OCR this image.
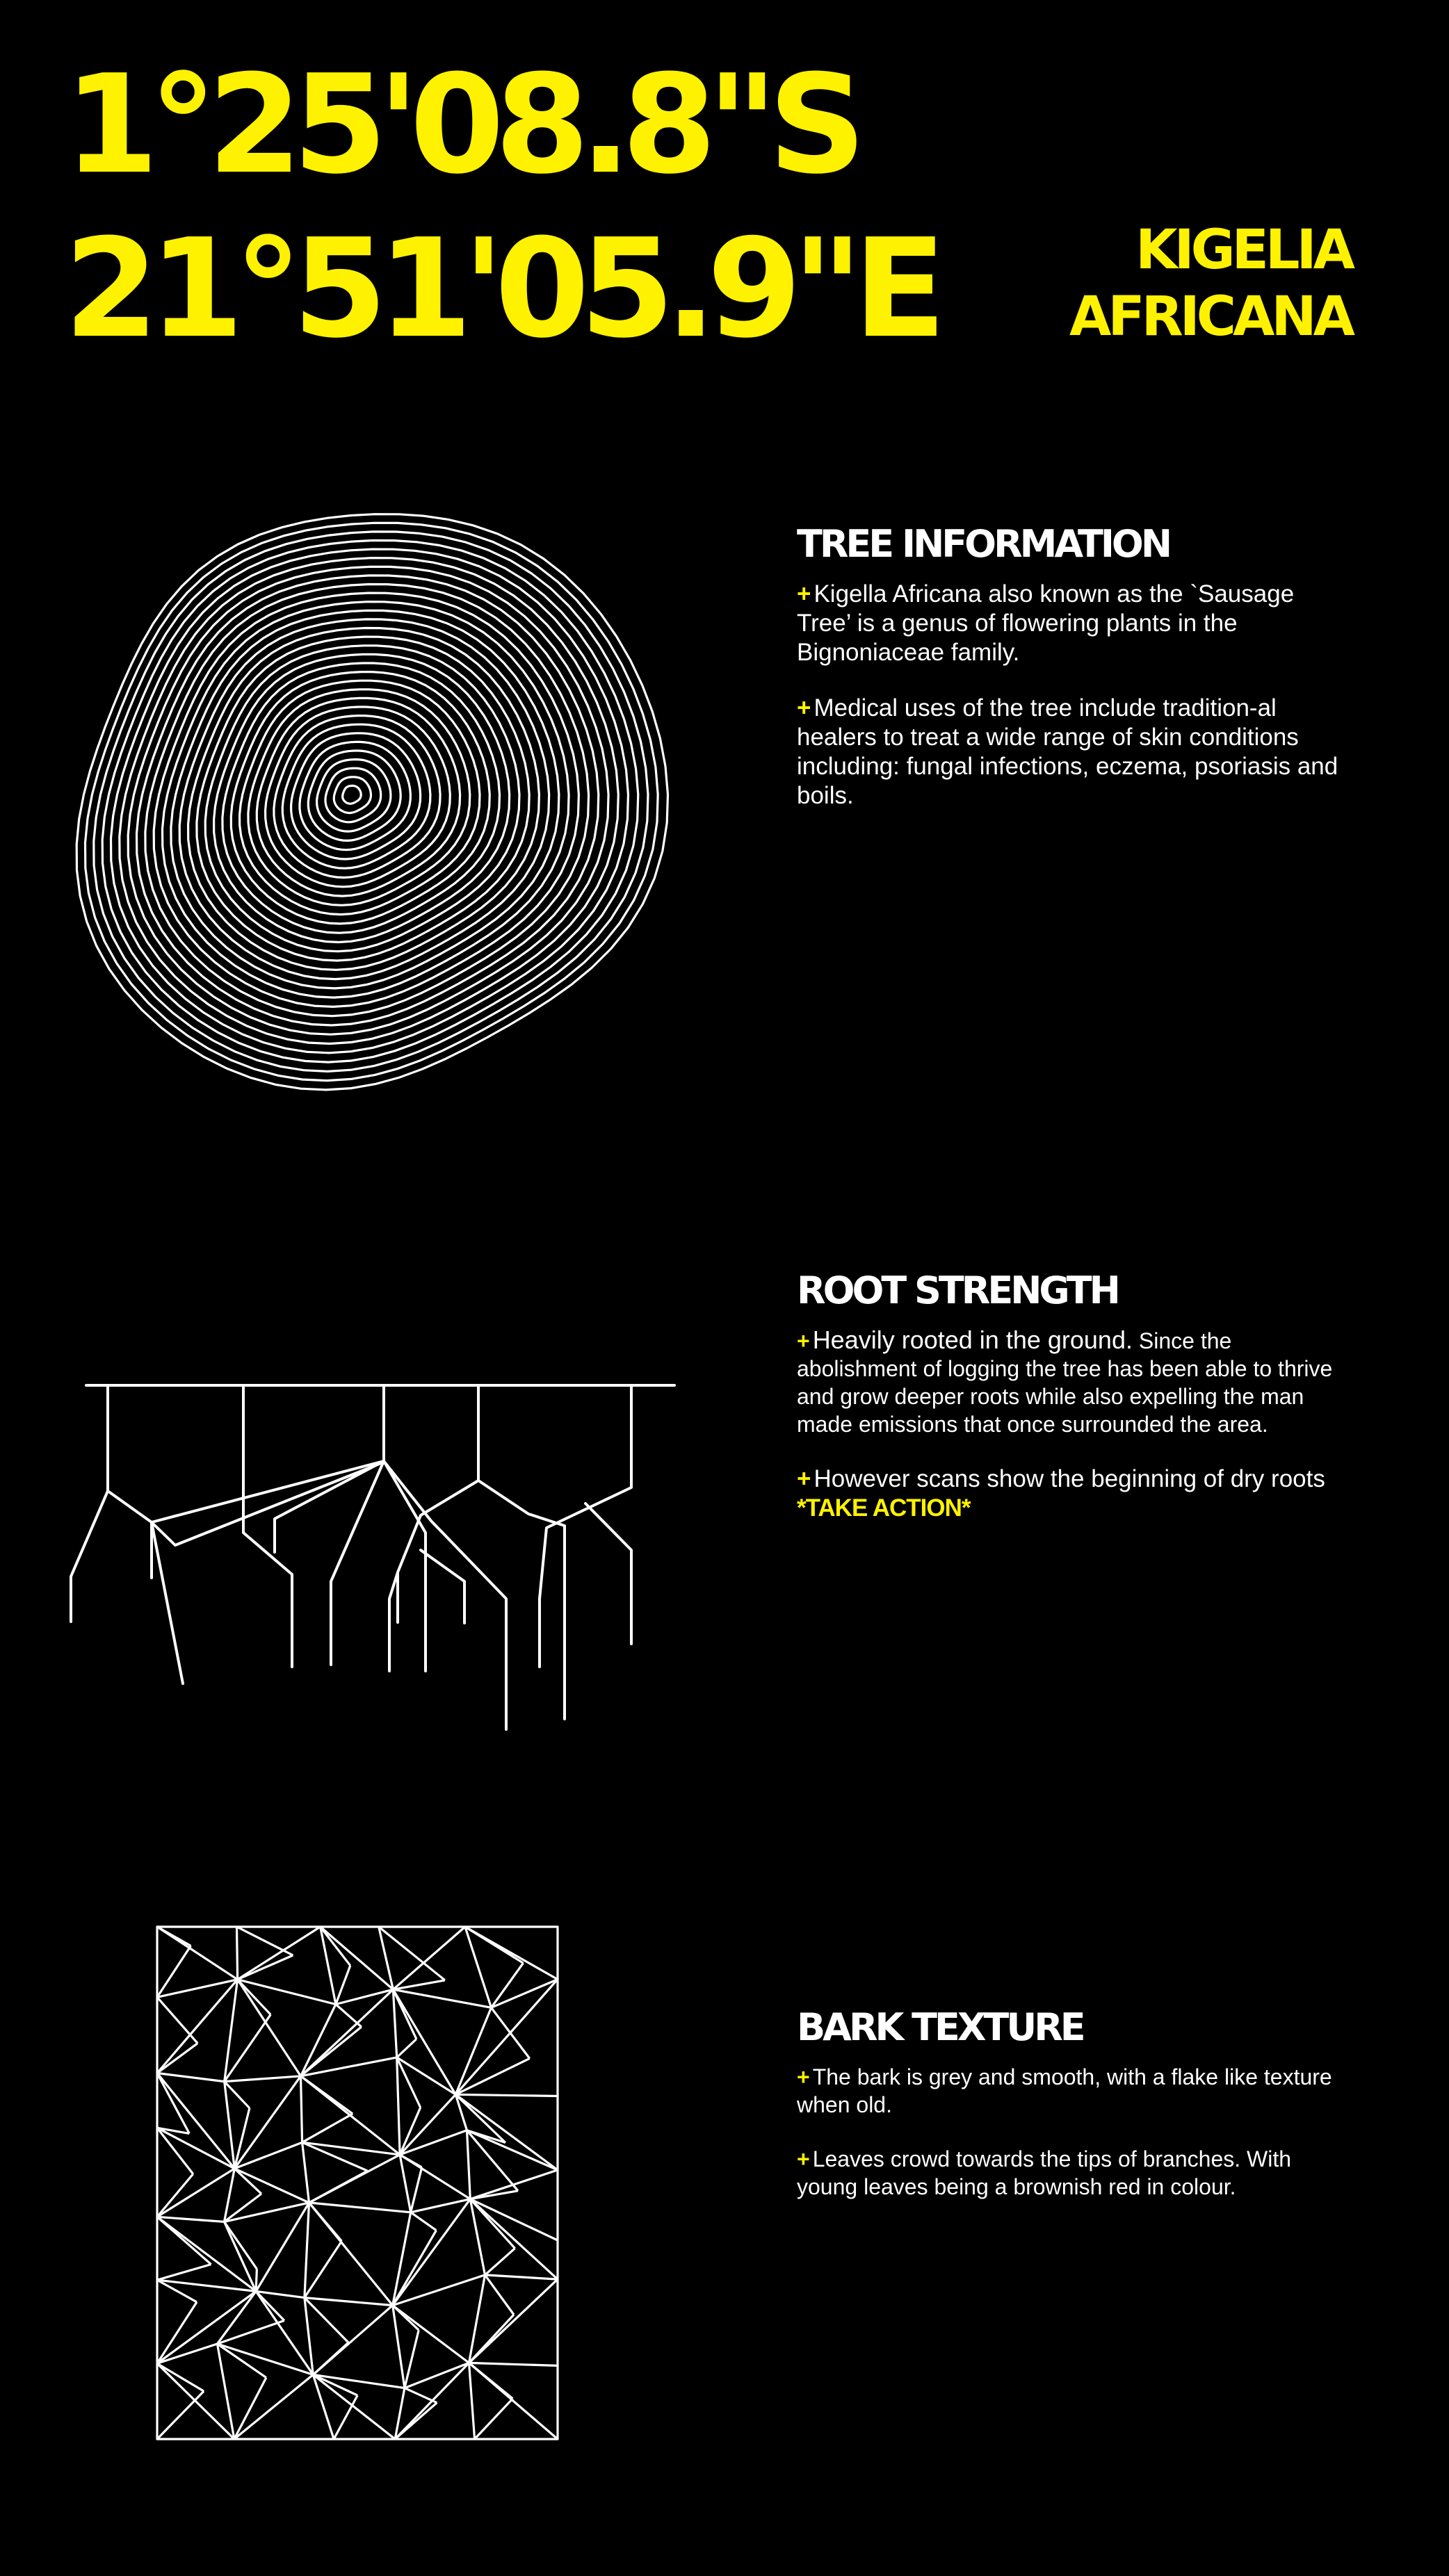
1°25'08.8"S
21°51'05.9"E	KIGELIA
AFRICANA
TREE INFORMATION

+ Kigella Africana also known as the `Sausage Tree’ is a genus of flowering plants in the Bignoniaceae family.

+ Medical uses of the tree include tradition-al healers to treat a wide range of skin conditions including: fungal infections, eczema, psoriasis and boils.

ROOT STRENGTH

+ Heavily rooted in the ground. Since the abolishment of logging the tree has been able to thrive and grow deeper roots while also expelling the man made emissions that once surrounded the area.

+ However scans show the beginning of dry roots *TAKE ACTION*

BARK TEXTURE

+ The bark is grey and smooth, with a flake like texture when old.

+ Leaves crowd towards the tips of branches. With young leaves being a brownish red in colour.
